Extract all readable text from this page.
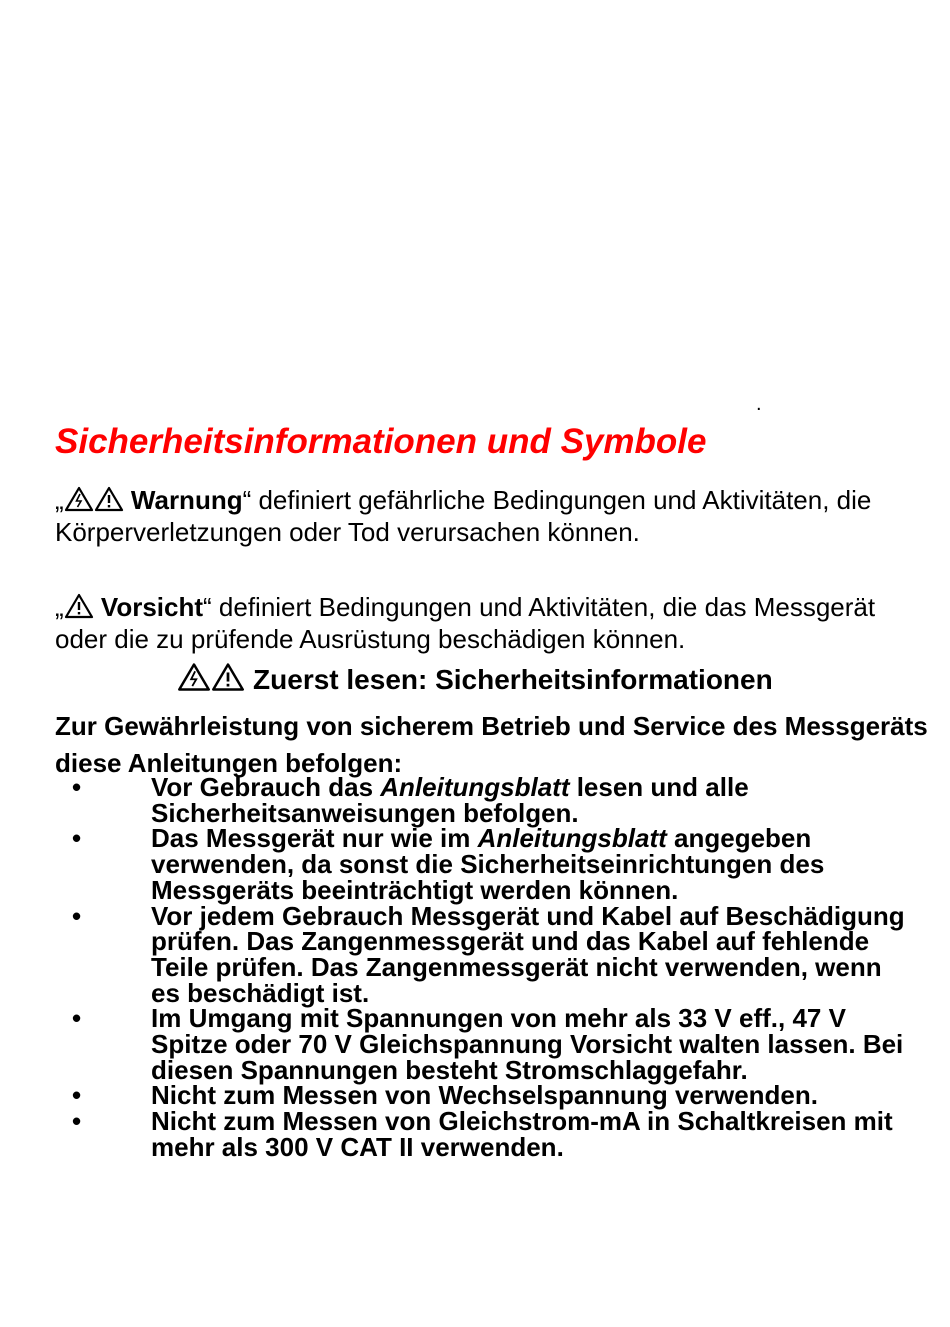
.
Sicherheitsinformationen und Symbole

„	Warnung“ definiert gefährliche Bedingungen und Aktivitäten, die Körperverletzungen oder Tod verursachen können.

„ Vorsicht“ definiert Bedingungen und Aktivitäten, die das Messgerät oder die zu prüfende Ausrüstung beschädigen können.

Zuerst lesen: Sicherheitsinformationen

Zur Gewährleistung von sicherem Betrieb und Service des Messgeräts diese Anleitungen befolgen:

•	Vor Gebrauch das Anleitungsblatt lesen und alle Sicherheitsanweisungen befolgen.
•	Das Messgerät nur wie im Anleitungsblatt angegeben verwenden, da sonst die Sicherheitseinrichtungen des Messgeräts beeinträchtigt werden können.
•	Vor jedem Gebrauch Messgerät und Kabel auf Beschädigung prüfen. Das Zangenmessgerät und das Kabel auf fehlende Teile prüfen. Das Zangenmessgerät nicht verwenden, wenn es beschädigt ist.
•	Im Umgang mit Spannungen von mehr als 33 V eff., 47 V Spitze oder 70 V Gleichspannung Vorsicht walten lassen. Bei diesen Spannungen besteht Stromschlaggefahr.
•	Nicht zum Messen von Wechselspannung verwenden.
•	Nicht zum Messen von Gleichstrom-mA in Schaltkreisen mit mehr als 300 V CAT II verwenden.
